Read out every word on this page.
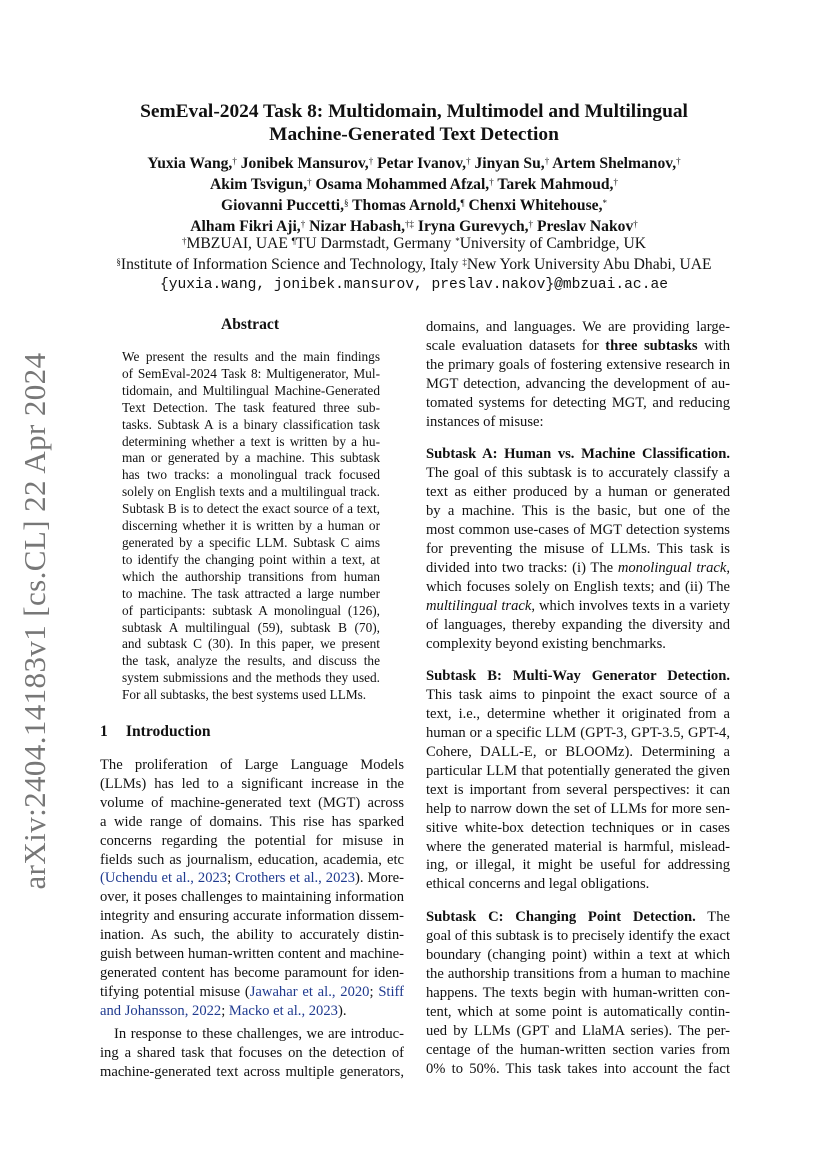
arXiv:2404.14183v1 [cs.CL] 22 Apr 2024
SemEval-2024 Task 8: Multidomain, Multimodel and Multilingual
Machine-Generated Text Detection
Yuxia Wang,† Jonibek Mansurov,† Petar Ivanov,† Jinyan Su,† Artem Shelmanov,†
Akim Tsvigun,† Osama Mohammed Afzal,† Tarek Mahmoud,†
Giovanni Puccetti,§ Thomas Arnold,¶ Chenxi Whitehouse,*
Alham Fikri Aji,† Nizar Habash,†‡ Iryna Gurevych,† Preslav Nakov†
†MBZUAI, UAE ¶TU Darmstadt, Germany *University of Cambridge, UK
§Institute of Information Science and Technology, Italy ‡New York University Abu Dhabi, UAE
{yuxia.wang, jonibek.mansurov, preslav.nakov}@mbzuai.ac.ae
Abstract
We present the results and the main findings
of SemEval-2024 Task 8: Multigenerator, Mul-
tidomain, and Multilingual Machine-Generated
Text Detection. The task featured three sub-
tasks. Subtask A is a binary classification task
determining whether a text is written by a hu-
man or generated by a machine. This subtask
has two tracks: a monolingual track focused
solely on English texts and a multilingual track.
Subtask B is to detect the exact source of a text,
discerning whether it is written by a human or
generated by a specific LLM. Subtask C aims
to identify the changing point within a text, at
which the authorship transitions from human
to machine. The task attracted a large number
of participants: subtask A monolingual (126),
subtask A multilingual (59), subtask B (70),
and subtask C (30). In this paper, we present
the task, analyze the results, and discuss the
system submissions and the methods they used.
For all subtasks, the best systems used LLMs.
1 Introduction
The proliferation of Large Language Models
(LLMs) has led to a significant increase in the
volume of machine-generated text (MGT) across
a wide range of domains. This rise has sparked
concerns regarding the potential for misuse in
fields such as journalism, education, academia, etc
(Uchendu et al., 2023; Crothers et al., 2023). More-
over, it poses challenges to maintaining information
integrity and ensuring accurate information dissem-
ination. As such, the ability to accurately distin-
guish between human-written content and machine-
generated content has become paramount for iden-
tifying potential misuse (Jawahar et al., 2020; Stiff
and Johansson, 2022; Macko et al., 2023).
In response to these challenges, we are introduc-
ing a shared task that focuses on the detection of
machine-generated text across multiple generators,
domains, and languages. We are providing large-
scale evaluation datasets for three subtasks with
the primary goals of fostering extensive research in
MGT detection, advancing the development of au-
tomated systems for detecting MGT, and reducing
instances of misuse:
Subtask A: Human vs. Machine Classification.
The goal of this subtask is to accurately classify a
text as either produced by a human or generated
by a machine. This is the basic, but one of the
most common use-cases of MGT detection systems
for preventing the misuse of LLMs. This task is
divided into two tracks: (i) The monolingual track,
which focuses solely on English texts; and (ii) The
multilingual track, which involves texts in a variety
of languages, thereby expanding the diversity and
complexity beyond existing benchmarks.
Subtask B: Multi-Way Generator Detection.
This task aims to pinpoint the exact source of a
text, i.e., determine whether it originated from a
human or a specific LLM (GPT-3, GPT-3.5, GPT-4,
Cohere, DALL-E, or BLOOMz). Determining a
particular LLM that potentially generated the given
text is important from several perspectives: it can
help to narrow down the set of LLMs for more sen-
sitive white-box detection techniques or in cases
where the generated material is harmful, mislead-
ing, or illegal, it might be useful for addressing
ethical concerns and legal obligations.
Subtask C: Changing Point Detection. The
goal of this subtask is to precisely identify the exact
boundary (changing point) within a text at which
the authorship transitions from a human to machine
happens. The texts begin with human-written con-
tent, which at some point is automatically contin-
ued by LLMs (GPT and LlaMA series). The per-
centage of the human-written section varies from
0% to 50%. This task takes into account the fact
